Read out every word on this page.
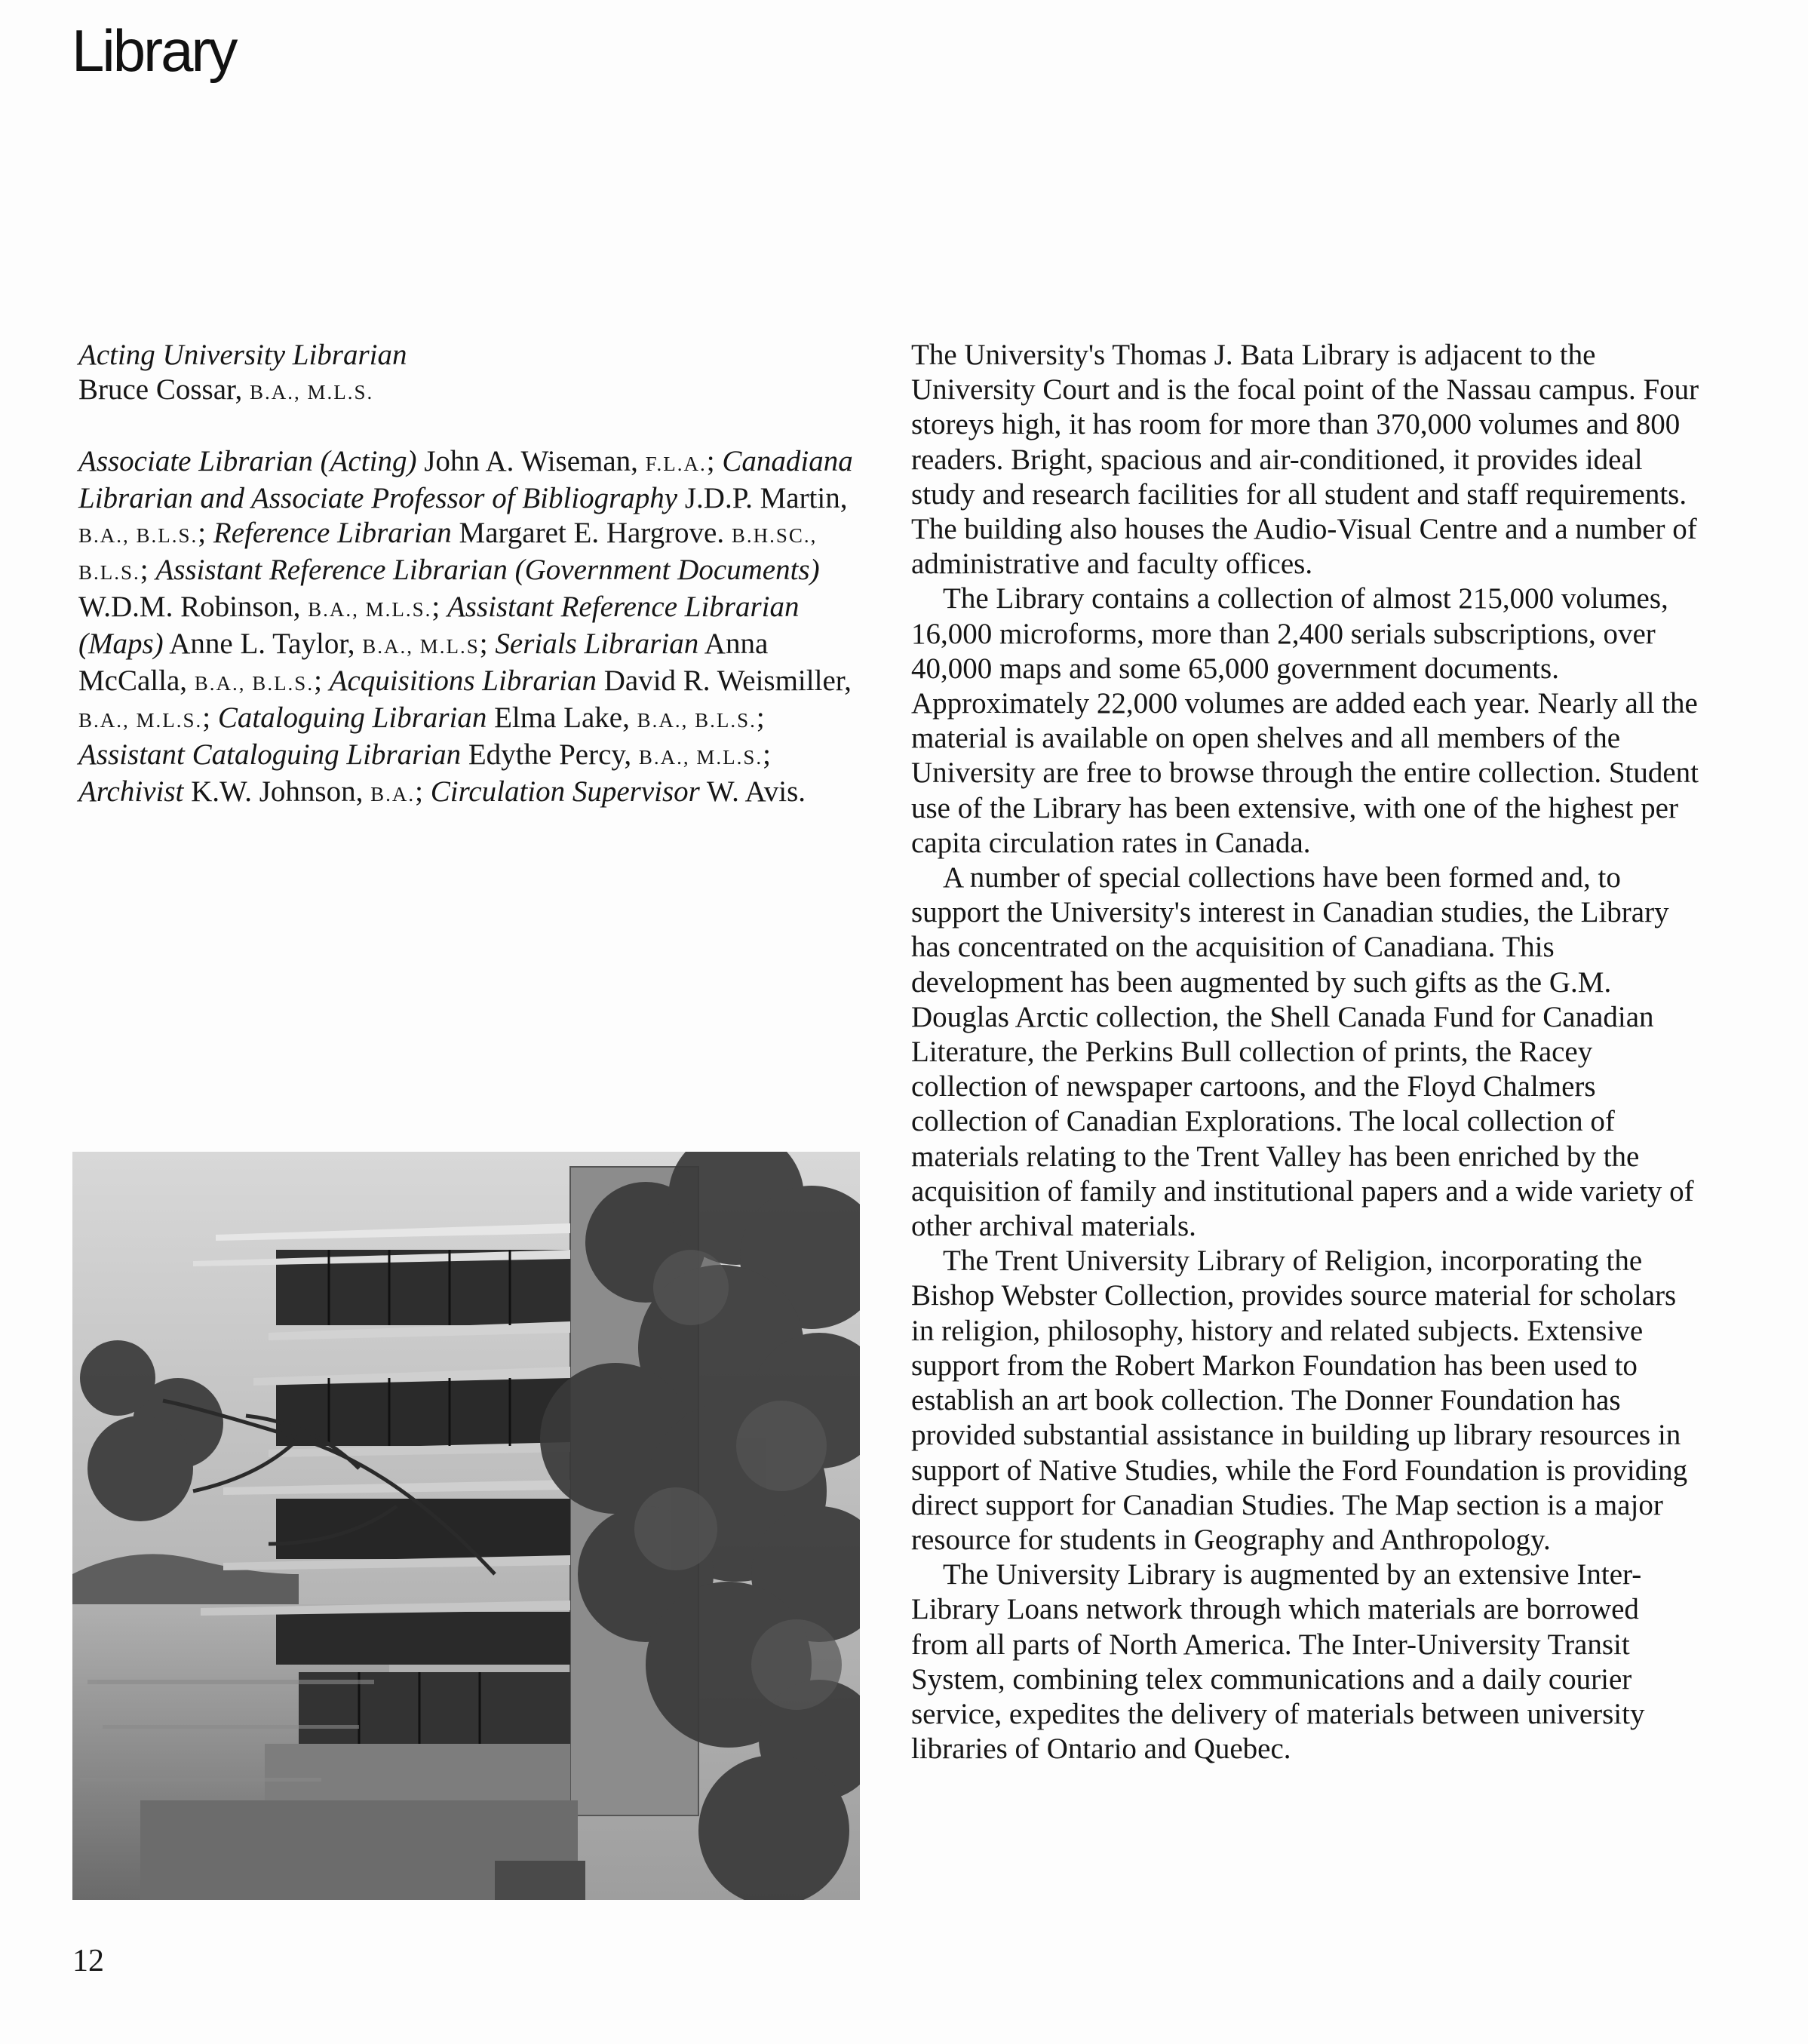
Library

Acting University Librarian
Bruce Cossar, B.A., M.L.S.

Associate Librarian (Acting) John A. Wiseman, F.L.A.; Canadiana Librarian and Associate Professor of Bibliography J.D.P. Martin, B.A., B.L.S.; Reference Librarian Margaret E. Hargrove. B.H.SC., B.L.S.; Assistant Reference Librarian (Government Documents) W.D.M. Robinson, B.A., M.L.S.; Assistant Reference Librarian (Maps) Anne L. Taylor, B.A., M.L.S; Serials Librarian Anna McCalla, B.A., B.L.S.; Acquisitions Librarian David R. Weismiller, B.A., M.L.S.; Cataloguing Librarian Elma Lake, B.A., B.L.S.; Assistant Cataloguing Librarian Edythe Percy, B.A., M.L.S.; Archivist K.W. Johnson, B.A.; Circulation Supervisor W. Avis.

The University's Thomas J. Bata Library is adjacent to the University Court and is the focal point of the Nassau campus. Four storeys high, it has room for more than 370,000 volumes and 800 readers. Bright, spacious and air-conditioned, it provides ideal study and research facilities for all student and staff requirements. The building also houses the Audio-Visual Centre and a number of administrative and faculty offices.

The Library contains a collection of almost 215,000 volumes, 16,000 microforms, more than 2,400 serials subscriptions, over 40,000 maps and some 65,000 government documents. Approximately 22,000 volumes are added each year. Nearly all the material is available on open shelves and all members of the University are free to browse through the entire collection. Student use of the Library has been extensive, with one of the highest per capita circulation rates in Canada.

A number of special collections have been formed and, to support the University's interest in Canadian studies, the Library has concentrated on the acquisition of Canadiana. This development has been augmented by such gifts as the G.M. Douglas Arctic collection, the Shell Canada Fund for Canadian Literature, the Perkins Bull collection of prints, the Racey collection of newspaper cartoons, and the Floyd Chalmers collection of Canadian Explorations. The local collection of materials relating to the Trent Valley has been enriched by the acquisition of family and institutional papers and a wide variety of other archival materials.

The Trent University Library of Religion, incorporating the Bishop Webster Collection, provides source material for scholars in religion, philosophy, history and related subjects. Extensive support from the Robert Markon Foundation has been used to establish an art book collection. The Donner Foundation has provided substantial assistance in building up library resources in support of Native Studies, while the Ford Foundation is providing direct support for Canadian Studies. The Map section is a major resource for students in Geography and Anthropology.

The University Library is augmented by an extensive Inter-Library Loans network through which materials are borrowed from all parts of North America. The Inter-University Transit System, combining telex communications and a daily courier service, expedites the delivery of materials between university libraries of Ontario and Quebec.

12
